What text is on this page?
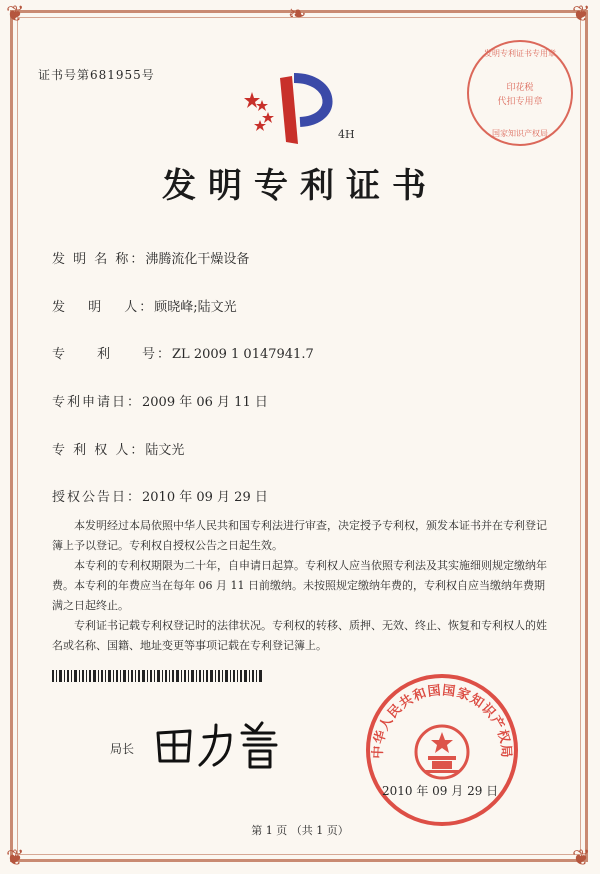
❦	❦
❦	❦
❧
证书号第681955号
4H
发明专利证书专用章
印花税
代扣专用章
国家知识产权局
发明专利证书
发 明 名 称：沸腾流化干燥设备
发　 明　 人：顾晓峰;陆文光
专　　利　　号：ZL 2009 1 0147941.7
专利申请日：2009 年 06 月 11 日
专 利 权 人：陆文光
授权公告日：2010 年 09 月 29 日

本发明经过本局依照中华人民共和国专利法进行审查，决定授予专利权，颁发本证书并在专利登记簿上予以登记。专利权自授权公告之日起生效。

本专利的专利权期限为二十年，自申请日起算。专利权人应当依照专利法及其实施细则规定缴纳年费。本专利的年费应当在每年 06 月 11 日前缴纳。未按照规定缴纳年费的，专利权自应当缴纳年费期满之日起终止。

专利证书记载专利权登记时的法律状况。专利权的转移、质押、无效、终止、恢复和专利权人的姓名或名称、国籍、地址变更等事项记载在专利登记簿上。

局长	中华人民共和国国家知识产权局
2010 年 09 月 29 日
第 1 页 （共 1 页）
